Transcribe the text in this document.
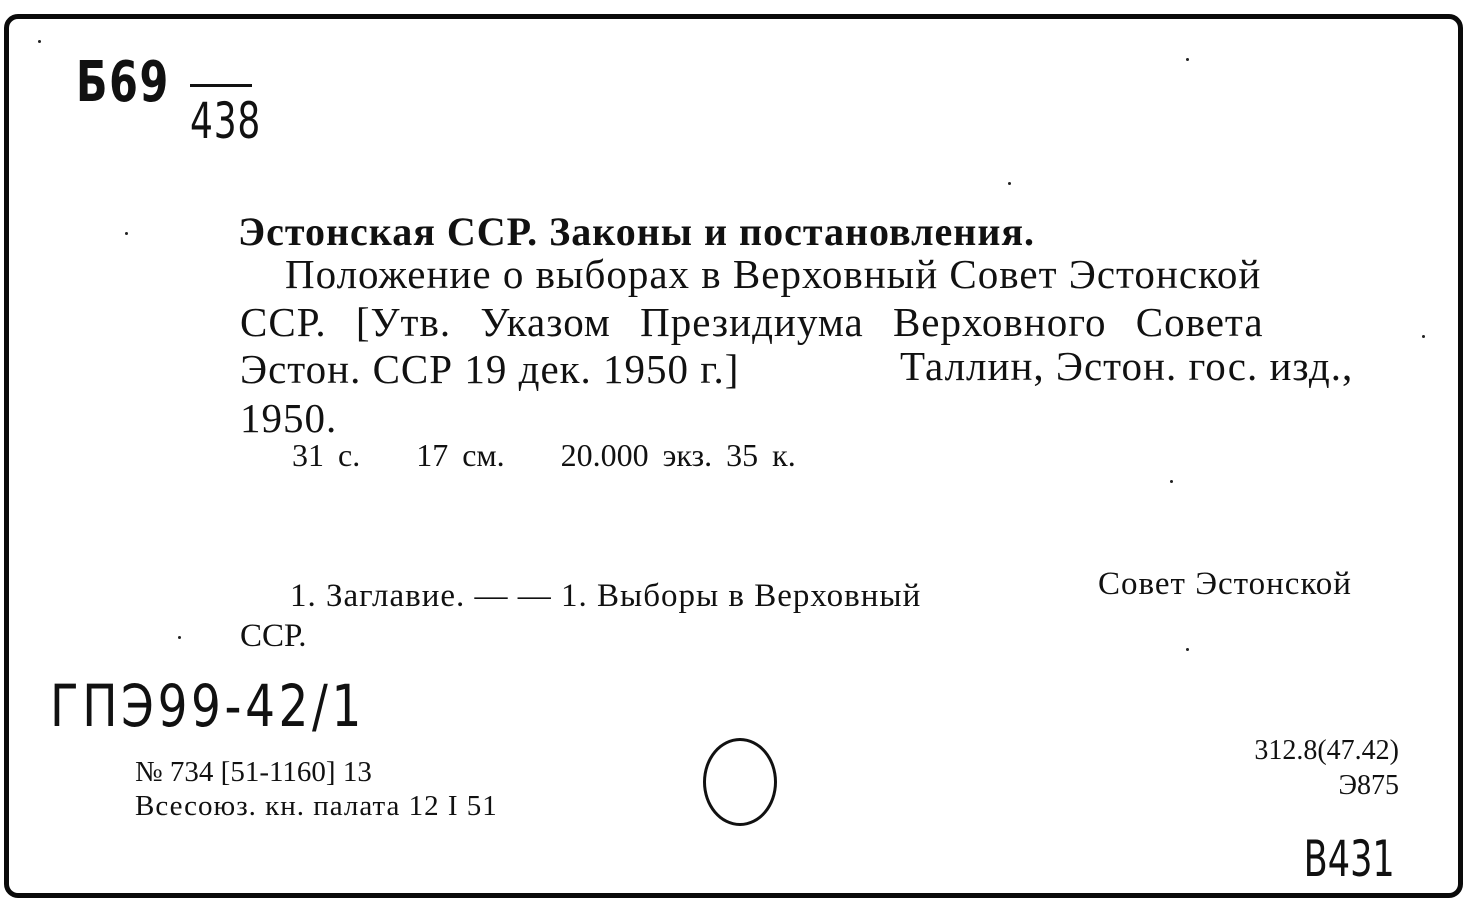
Б69
438
Эстонская ССР. Законы и постановления.
Положение о выборах в Верховный Совет Эстонской
ССР. [Утв. Указом Президиума Верховного Совета
Эстон. ССР 19 дек. 1950 г.]	Таллин, Эстон. гос. изд.,
1950.
31 с.    17 см.    20.000 экз. 35 к.
1. Заглавие. — — 1. Выборы в Верховный	Совет Эстонской
ССР.
ГПЭ99-42/1
№ 734 [51-1160] 13
Всесоюз. кн. палата 12 I 51
312.8(47.42)
Э875
В431
